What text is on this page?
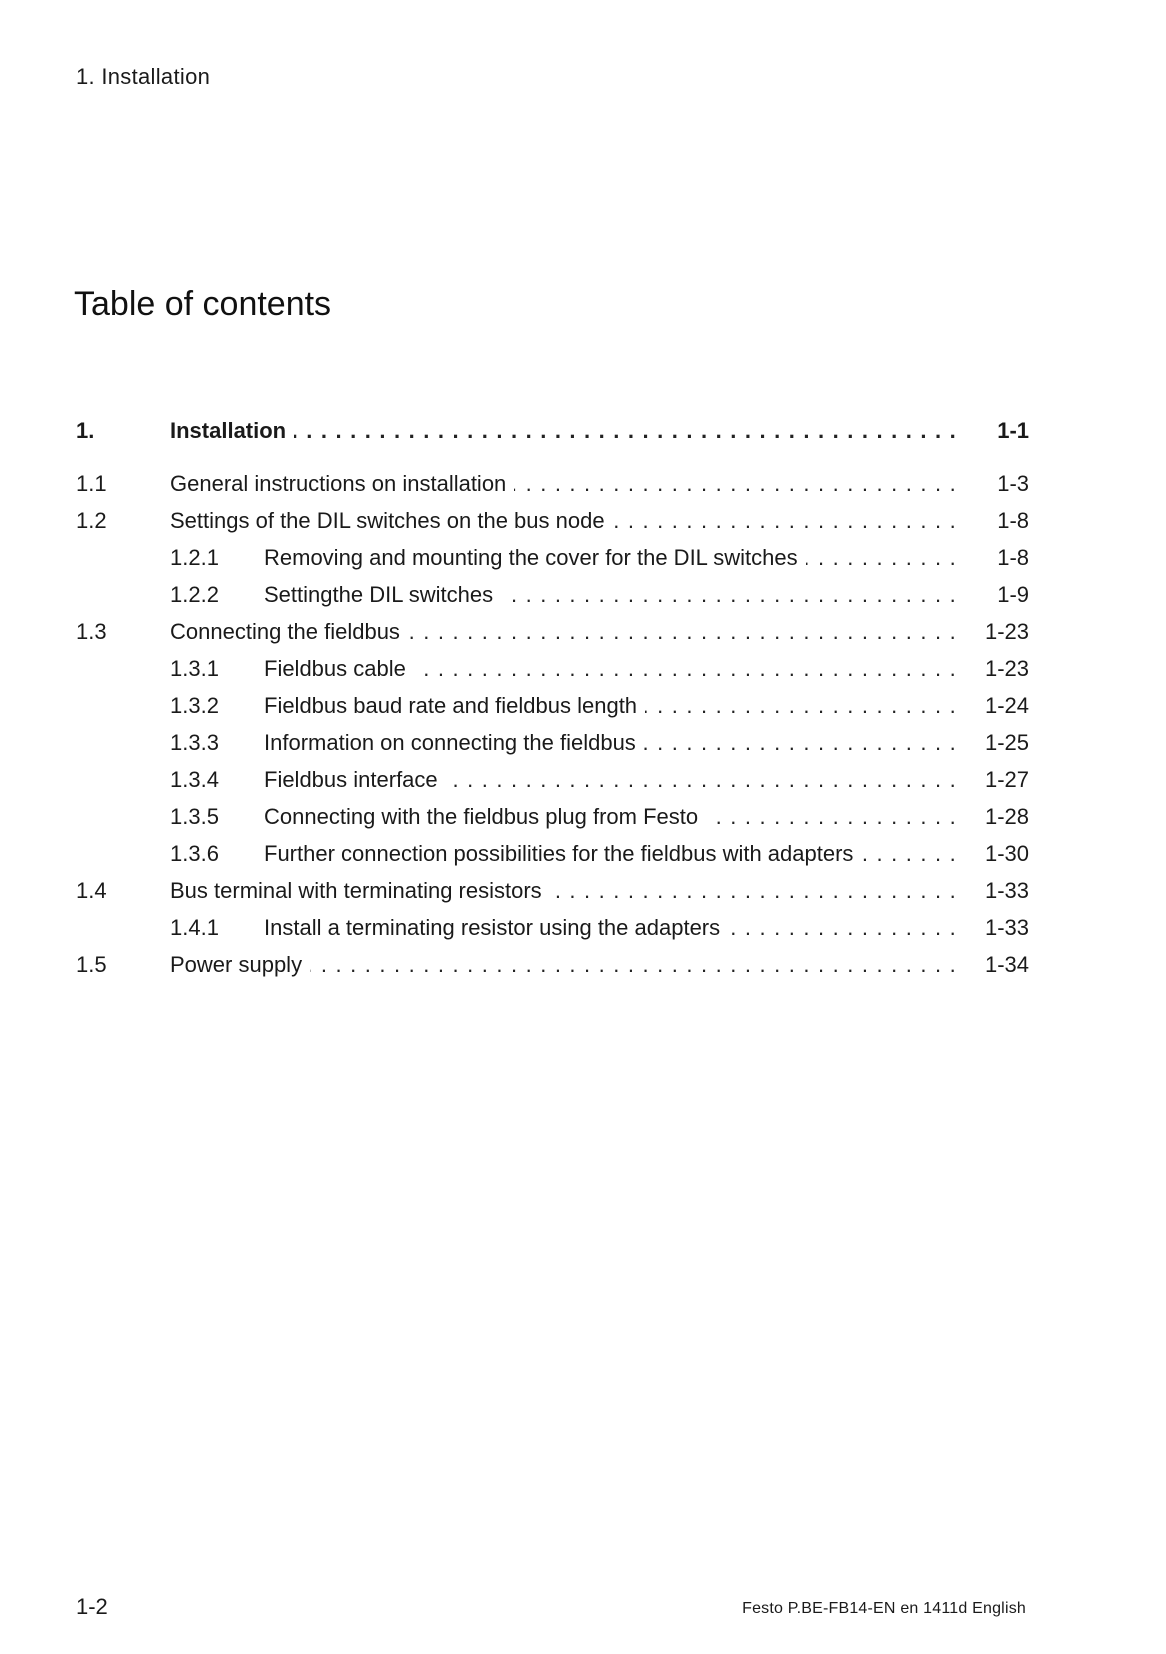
1. Installation
Table of contents
1.	Installation . . .	1-1
1.1	General instructions on installation . . .	1-3
1.2	Settings of the DIL switches on the bus node . . .	1-8
1.2.1 Removing and mounting the cover for the DIL switches . . .	1-8
1.2.2 Settingthe DIL switches . . .	1-9
1.3	Connecting the fieldbus . . .	1-23
1.3.1 Fieldbus cable . . .	1-23
1.3.2 Fieldbus baud rate and fieldbus length . . .	1-24
1.3.3 Information on connecting the fieldbus . . .	1-25
1.3.4 Fieldbus interface . . .	1-27
1.3.5 Connecting with the fieldbus plug from Festo . . .	1-28
1.3.6 Further connection possibilities for the fieldbus with adapters . . .	1-30
1.4	Bus terminal with terminating resistors . . .	1-33
1.4.1 Install a terminating resistor using the adapters . . .	1-33
1.5	Power supply . . .	1-34
1-2	Festo P.BE-FB14-EN en 1411d English
